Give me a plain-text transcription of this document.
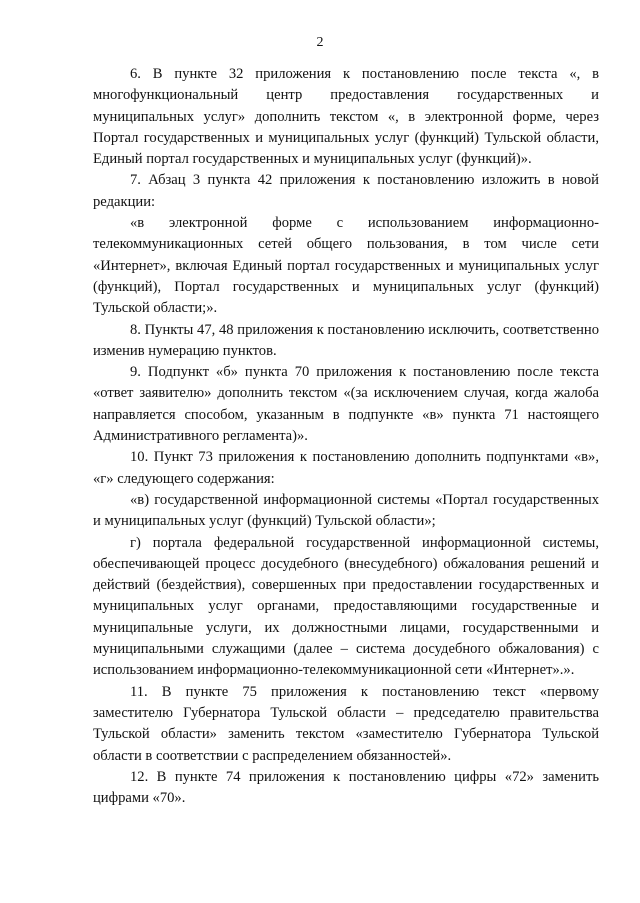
2

6. В пункте 32 приложения к постановлению после текста «, в многофункциональный центр предоставления государственных и муниципальных услуг» дополнить текстом «, в электронной форме, через Портал государственных и муниципальных услуг (функций) Тульской области, Единый портал государственных и муниципальных услуг (функций)».

7. Абзац 3 пункта 42 приложения к постановлению изложить в новой редакции:

«в электронной форме с использованием информационно-телекоммуникационных сетей общего пользования, в том числе сети «Интернет», включая Единый портал государственных и муниципальных услуг (функций), Портал государственных и муниципальных услуг (функций) Тульской области;».

8. Пункты 47, 48 приложения к постановлению исключить, соответственно изменив нумерацию пунктов.

9. Подпункт «б» пункта 70 приложения к постановлению после текста «ответ заявителю» дополнить текстом «(за исключением случая, когда жалоба направляется способом, указанным в подпункте «в» пункта 71 настоящего Административного регламента)».

10. Пункт 73 приложения к постановлению дополнить подпунктами «в», «г» следующего содержания:

«в) государственной информационной системы «Портал государственных и муниципальных услуг (функций) Тульской области»;

г) портала федеральной государственной информационной системы, обеспечивающей процесс досудебного (внесудебного) обжалования решений и действий (бездействия), совершенных при предоставлении государственных и муниципальных услуг органами, предоставляющими государственные и муниципальные услуги, их должностными лицами, государственными и муниципальными служащими (далее – система досудебного обжалования) с использованием информационно-телекоммуникационной сети «Интернет».».

11. В пункте 75 приложения к постановлению текст «первому заместителю Губернатора Тульской области – председателю правительства Тульской области» заменить текстом «заместителю Губернатора Тульской области в соответствии с распределением обязанностей».

12. В пункте 74 приложения к постановлению цифры «72» заменить цифрами «70».
